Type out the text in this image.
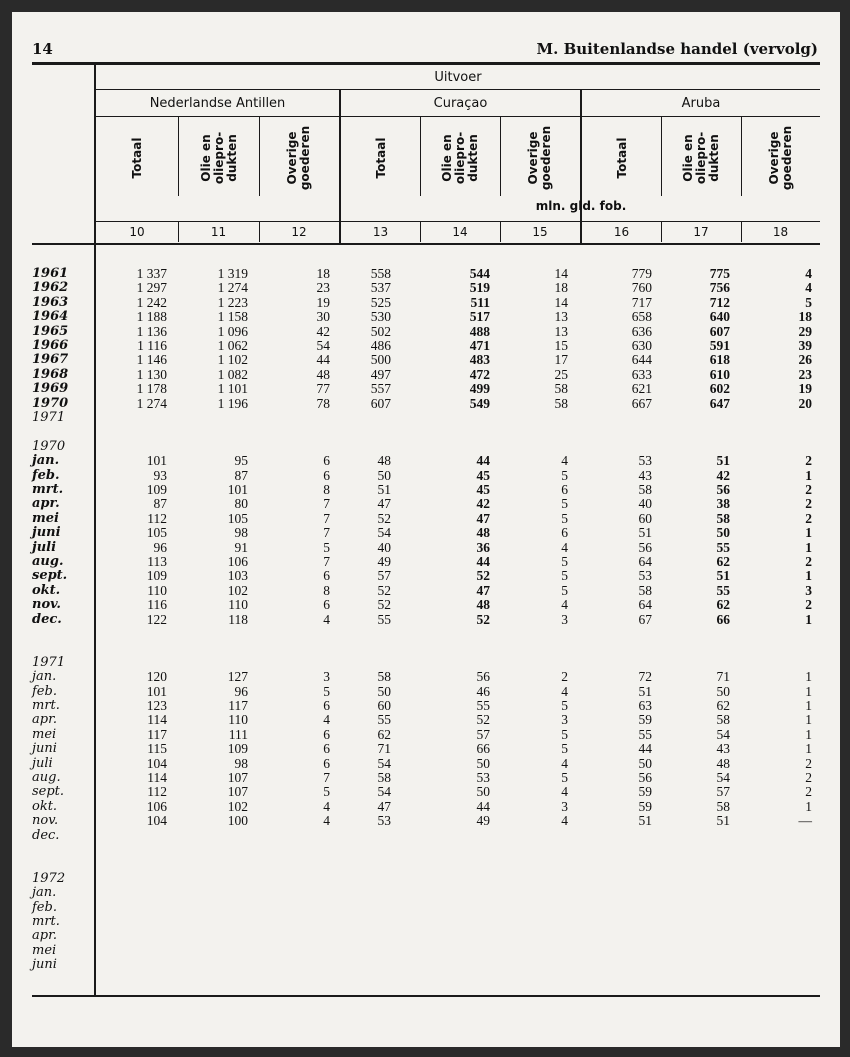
14	M. Buitenlandse handel (vervolg)
Uitvoer
Nederlandse Antillen	Curaçao	Aruba
mln. gld. fob.
Totaal	Olie en
oliepro-
dukten	Overige
goederen	Totaal	Olie en
oliepro-
dukten	Overige
goederen	Totaal	Olie en
oliepro-
dukten	Overige
goederen
10	11	12	13	14	15	16	17	18
1961	1 337	1 319	18	558	544	14	779	775	4
1962	1 297	1 274	23	537	519	18	760	756	4
1963	1 242	1 223	19	525	511	14	717	712	5
1964	1 188	1 158	30	530	517	13	658	640	18
1965	1 136	1 096	42	502	488	13	636	607	29
1966	1 116	1 062	54	486	471	15	630	591	39
1967	1 146	1 102	44	500	483	17	644	618	26
1968	1 130	1 082	48	497	472	25	633	610	23
1969	1 178	1 101	77	557	499	58	621	602	19
1970	1 274	1 196	78	607	549	58	667	647	20
1971
1970
jan.	101	95	6	48	44	4	53	51	2
feb.	93	87	6	50	45	5	43	42	1
mrt.	109	101	8	51	45	6	58	56	2
apr.	87	80	7	47	42	5	40	38	2
mei	112	105	7	52	47	5	60	58	2
juni	105	98	7	54	48	6	51	50	1
juli	96	91	5	40	36	4	56	55	1
aug.	113	106	7	49	44	5	64	62	2
sept.	109	103	6	57	52	5	53	51	1
okt.	110	102	8	52	47	5	58	55	3
nov.	116	110	6	52	48	4	64	62	2
dec.	122	118	4	55	52	3	67	66	1
1971
jan.	120	127	3	58	56	2	72	71	1
feb.	101	96	5	50	46	4	51	50	1
mrt.	123	117	6	60	55	5	63	62	1
apr.	114	110	4	55	52	3	59	58	1
mei	117	111	6	62	57	5	55	54	1
juni	115	109	6	71	66	5	44	43	1
juli	104	98	6	54	50	4	50	48	2
aug.	114	107	7	58	53	5	56	54	2
sept.	112	107	5	54	50	4	59	57	2
okt.	106	102	4	47	44	3	59	58	1
nov.	104	100	4	53	49	4	51	51	—
dec.
1972
jan.
feb.
mrt.
apr.
mei
juni
